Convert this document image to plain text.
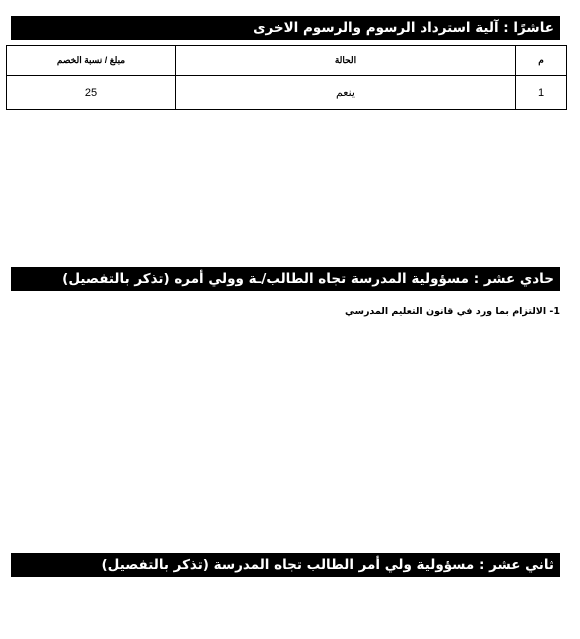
عاشرًا : آلية استرداد الرسوم والرسوم الاخرى
م	الحالة	مبلغ / نسبة الخصم
1	ينعم	25
حادي عشر : مسؤولية المدرسة تجاه الطالب/ـة وولي أمره (تذكر بالتفصيل)
1- الالتزام بما ورد في قانون التعليم المدرسي
ثاني عشر : مسؤولية ولي أمر الطالب تجاه المدرسة (تذكر بالتفصيل)
